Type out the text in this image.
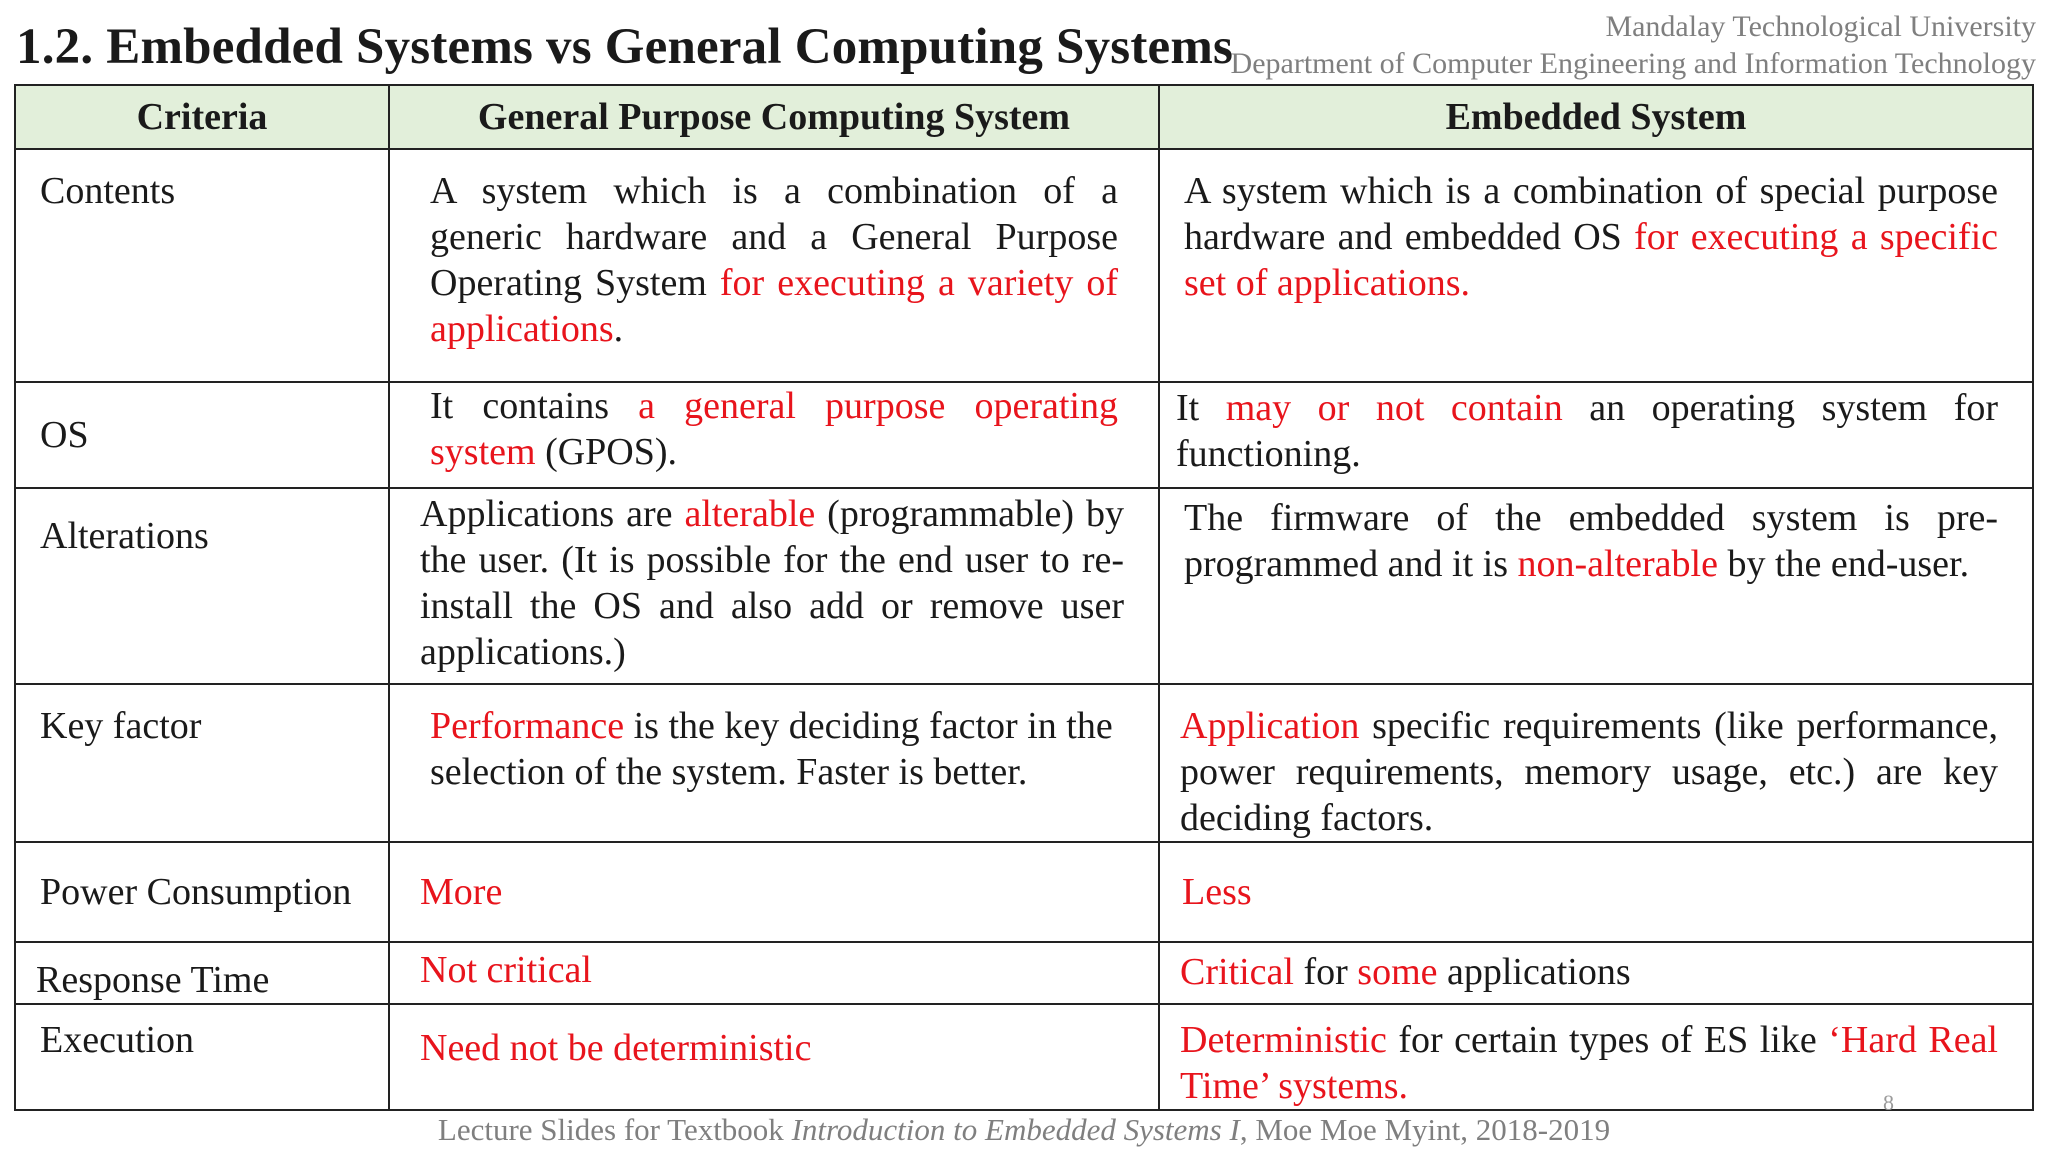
1.2. Embedded Systems vs General Computing Systems	Mandalay Technological University
Department of Computer Engineering and Information Technology
Criteria	General Purpose Computing System	Embedded System
Contents	A system which is a combination of a generic hardware and a General Purpose Operating System for executing a variety of applications.	A system which is a combination of special purpose hardware and embedded OS for executing a specific set of applications.
OS	It contains a general purpose operating system (GPOS).	It may or not contain an operating system for functioning.
Alterations	Applications are alterable (programmable) by the user. (It is possible for the end user to re-install the OS and also add or remove user applications.)	The firmware of the embedded system is pre-programmed and it is non-alterable by the end-user.
Key factor	Performance is the key deciding factor in the selection of the system. Faster is better.	Application specific requirements (like performance, power requirements, memory usage, etc.) are key deciding factors.
Power Consumption	More	Less
Response Time	Not critical	Critical for some applications
Execution	Need not be deterministic	Deterministic for certain types of ES like ‘Hard Real Time’ systems.	8
Lecture Slides for Textbook Introduction to Embedded Systems I, Moe Moe Myint, 2018-2019
